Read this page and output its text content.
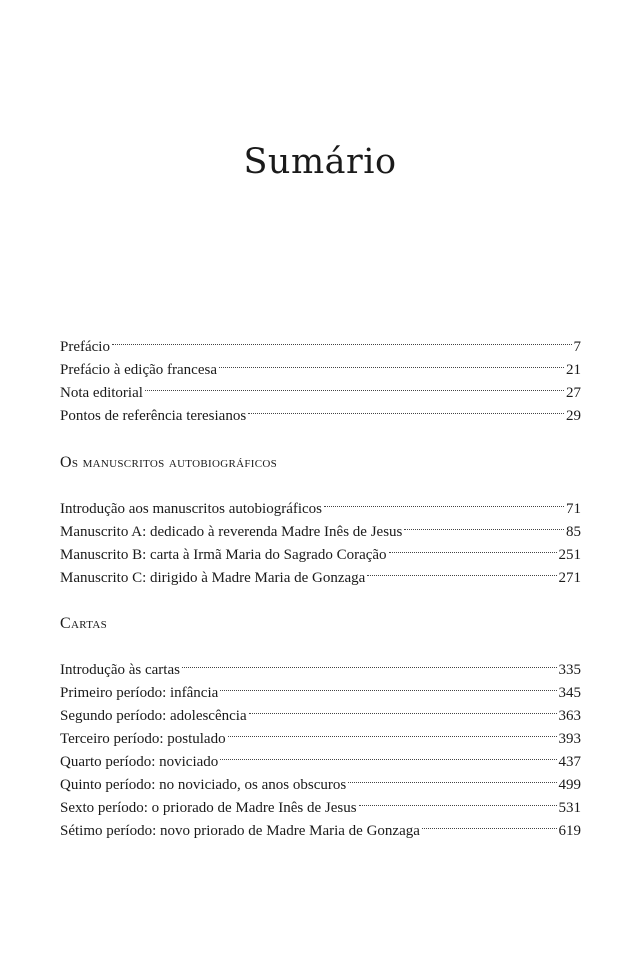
Sumário
Prefácio	7
Prefácio à edição francesa	21
Nota editorial	27
Pontos de referência teresianos	29
Os manuscritos autobiográficos
Introdução aos manuscritos autobiográficos	71
Manuscrito A: dedicado à reverenda Madre Inês de Jesus	85
Manuscrito B: carta à Irmã Maria do Sagrado Coração	251
Manuscrito C: dirigido à Madre Maria de Gonzaga	271
Cartas
Introdução às cartas	335
Primeiro período: infância	345
Segundo período: adolescência	363
Terceiro período: postulado	393
Quarto período: noviciado	437
Quinto período: no noviciado, os anos obscuros	499
Sexto período: o priorado de Madre Inês de Jesus	531
Sétimo período: novo priorado de Madre Maria de Gonzaga	619
